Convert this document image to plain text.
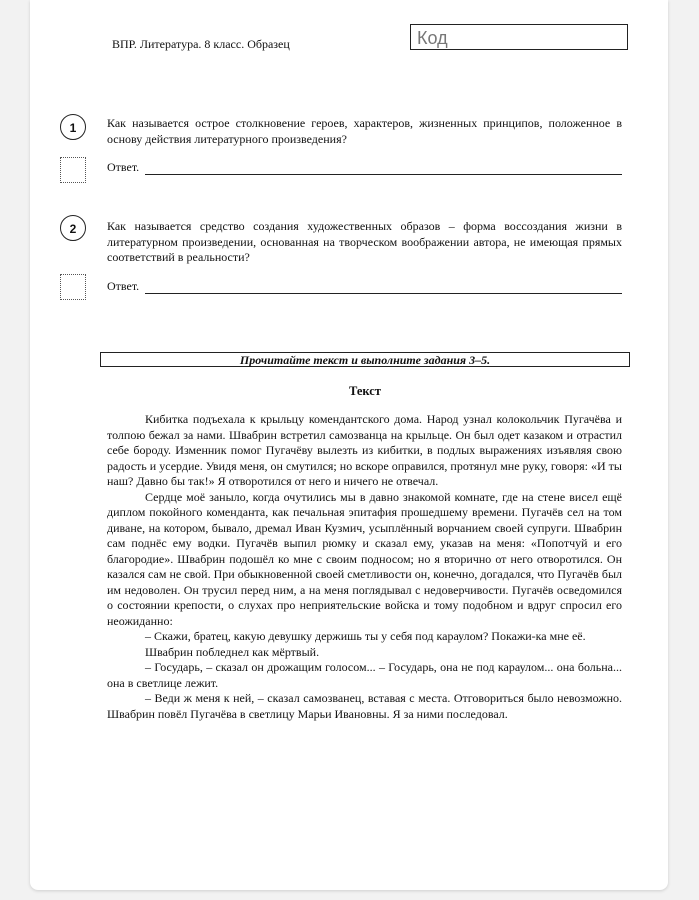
ВПР. Литература. 8 класс. Образец	Код
1	Как называется острое столкновение героев, характеров, жизненных принципов, положенное в основу действия литературного произведения?
Ответ.
2	Как называется средство создания художественных образов – форма воссоздания жизни в литературном произведении, основанная на творческом воображении автора, не имеющая прямых соответствий в реальности?
Ответ.
Прочитайте текст и выполните задания 3–5.
Текст

Кибитка подъехала к крыльцу комендантского дома. Народ узнал колокольчик Пугачёва и толпою бежал за нами. Швабрин встретил самозванца на крыльце. Он был одет казаком и отрастил себе бороду. Изменник помог Пугачёву вылезть из кибитки, в подлых выражениях изъявляя свою радость и усердие. Увидя меня, он смутился; но вскоре оправился, протянул мне руку, говоря: «И ты наш? Давно бы так!» Я отворотился от него и ничего не отвечал.

Сердце моё заныло, когда очутились мы в давно знакомой комнате, где на стене висел ещё диплом покойного коменданта, как печальная эпитафия прошедшему времени. Пугачёв сел на том диване, на котором, бывало, дремал Иван Кузмич, усыплённый ворчанием своей супруги. Швабрин сам поднёс ему водки. Пугачёв выпил рюмку и сказал ему, указав на меня: «Попотчуй и его благородие». Швабрин подошёл ко мне с своим подносом; но я вторично от него отворотился. Он казался сам не свой. При обыкновенной своей сметливости он, конечно, догадался, что Пугачёв был им недоволен. Он трусил перед ним, а на меня поглядывал с недоверчивости. Пугачёв осведомился о состоянии крепости, о слухах про неприятельские войска и тому подобном и вдруг спросил его неожиданно:

– Скажи, братец, какую девушку держишь ты у себя под караулом? Покажи-ка мне её.

Швабрин побледнел как мёртвый.

– Государь, – сказал он дрожащим голосом... – Государь, она не под караулом... она больна... она в светлице лежит.

– Веди ж меня к ней, – сказал самозванец, вставая с места. Отговориться было невозможно. Швабрин повёл Пугачёва в светлицу Марьи Ивановны. Я за ними последовал.
